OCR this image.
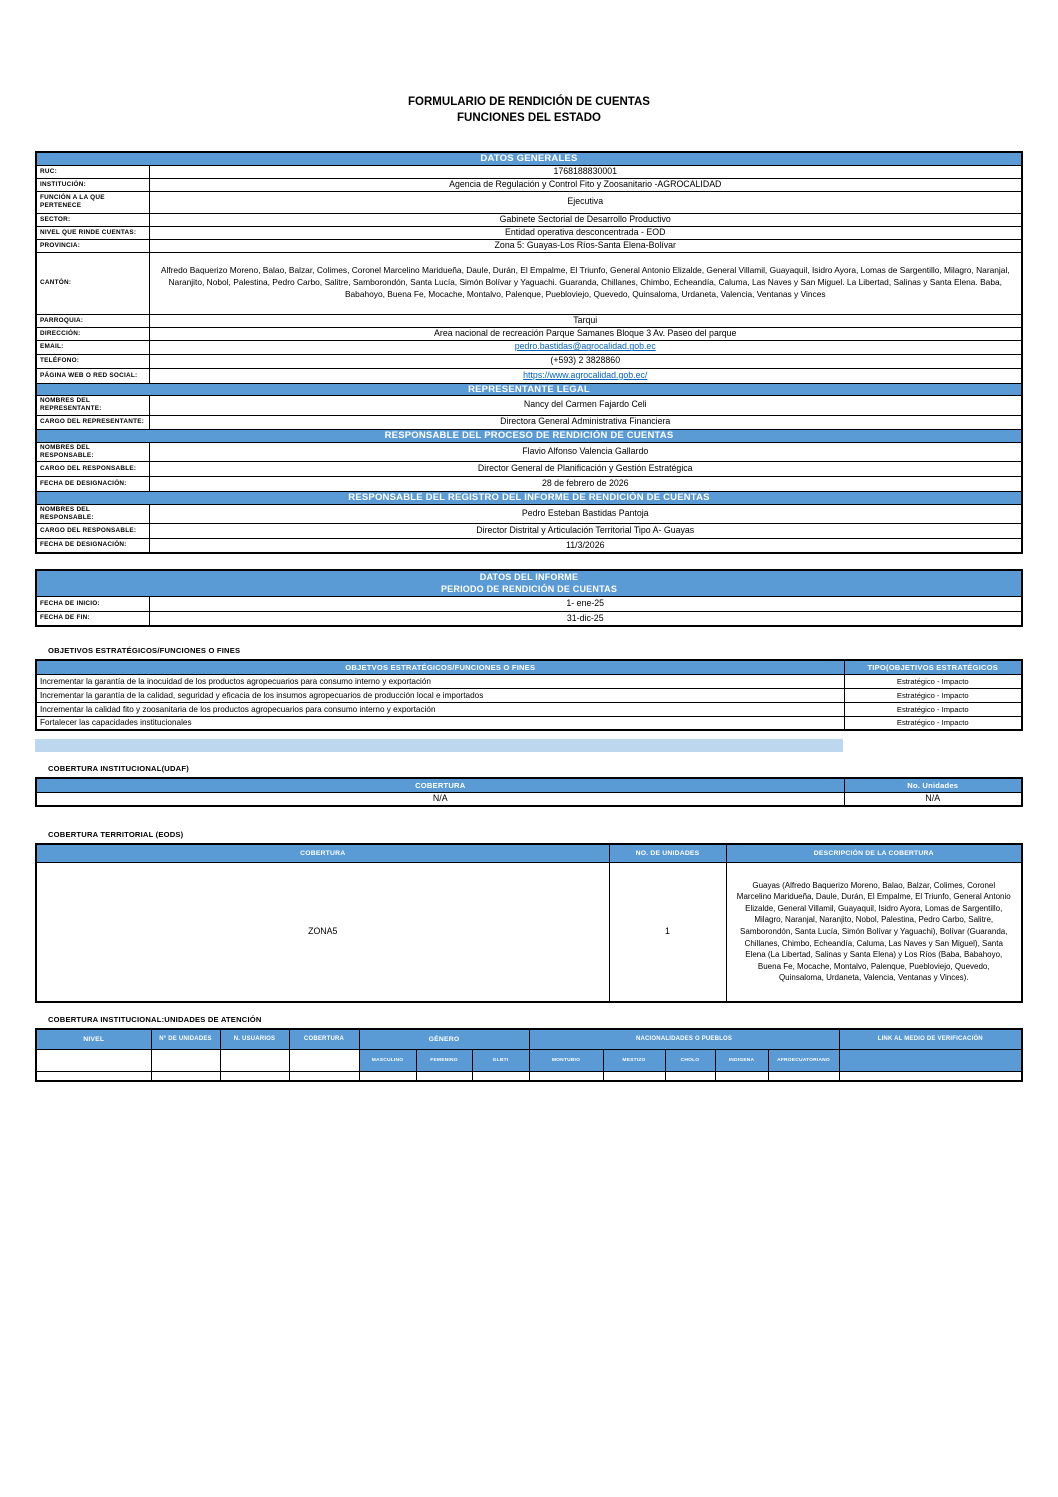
FORMULARIO DE RENDICIÓN DE CUENTAS
FUNCIONES DEL ESTADO
DATOS GENERALES	
RUC:	1768188830001
INSTITUCIÓN:	Agencia de Regulación y Control Fito y Zoosanitario -AGROCALIDAD
FUNCIÓN A LA QUE PERTENECE	Ejecutiva
SECTOR:	Gabinete Sectorial de Desarrollo Productivo
NIVEL QUE RINDE CUENTAS:	Entidad operativa desconcentrada - EOD
PROVINCIA:	Zona 5: Guayas-Los Ríos-Santa Elena-Bolívar
CANTÓN:	Alfredo Baquerizo Moreno, Balao, Balzar, Colimes, Coronel Marcelino Maridueña, Daule, Durán, El Empalme, El Triunfo, General Antonio Elizalde, General Villamil, Guayaquil, Isidro Ayora, Lomas de Sargentillo, Milagro, Naranjal, Naranjito, Nobol, Palestina, Pedro Carbo, Salitre, Samborondón, Santa Lucía, Simón Bolívar y Yaguachi. Guaranda, Chillanes, Chimbo, Echeandía, Caluma, Las Naves y San Miguel. La Libertad, Salinas y Santa Elena. Baba, Babahoyo, Buena Fe, Mocache, Montalvo, Palenque, Puebloviejo, Quevedo, Quinsaloma, Urdaneta, Valencia, Ventanas y Vinces
PARROQUIA:	Tarqui
DIRECCIÓN:	Area nacional de recreación Parque Samanes Bloque 3 Av. Paseo del parque
EMAIL:	pedro.bastidas@agrocalidad.gob.ec
TELÉFONO:	(+593) 2 3828860
PÁGINA WEB O RED SOCIAL:	https://www.agrocalidad.gob.ec/
REPRESENTANTE LEGAL	
NOMBRES DEL REPRESENTANTE:	Nancy del Carmen Fajardo Celi
CARGO DEL REPRESENTANTE:	Directora General Administrativa Financiera
RESPONSABLE DEL PROCESO DE RENDICIÓN DE CUENTAS	
NOMBRES DEL RESPONSABLE:	Flavio Alfonso Valencia Gallardo
CARGO DEL RESPONSABLE:	Director General de Planificación y Gestión Estratégica
FECHA DE DESIGNACIÓN:	28 de febrero de 2026
RESPONSABLE DEL REGISTRO DEL INFORME DE RENDICIÓN DE CUENTAS	
NOMBRES DEL RESPONSABLE:	Pedro Esteban Bastidas Pantoja
CARGO DEL RESPONSABLE:	Director Distrital y Articulación Territorial Tipo A- Guayas
FECHA DE DESIGNACIÓN:	11/3/2026
DATOS DEL INFORME
PERIODO DE RENDICIÓN DE CUENTAS	

FECHA DE INICIO:	1- ene-25
FECHA DE FIN:	31-dic-25
OBJETIVOS ESTRATÉGICOS/FUNCIONES O FINES
OBJETVOS ESTRATÉGICOS/FUNCIONES O FINES	TIPO(OBJETIVOS ESTRATÉGICOS
Incrementar la garantía de la inocuidad de los productos agropecuarios para consumo interno y exportación	Estratégico - Impacto
Incrementar la garantía de la calidad, seguridad y eficacia de los insumos agropecuarios de producción local e importados	Estratégico - Impacto
Incrementar la calidad fito y zoosanitaria de los productos agropecuarios para consumo interno y exportación	Estratégico - Impacto
Fortalecer las capacidades institucionales	Estratégico - Impacto
COBERTURA INSTITUCIONAL(UDAF)
COBERTURA	No. Unidades
N/A	N/A
COBERTURA TERRITORIAL (EODS)
COBERTURA	NO. DE UNIDADES	DESCRIPCIÓN DE LA COBERTURA
ZONA5	1	Guayas (Alfredo Baquerizo Moreno, Balao, Balzar, Colimes, Coronel Marcelino Maridueña, Daule, Durán, El Empalme, El Triunfo, General Antonio Elizalde, General Villamil, Guayaquil, Isidro Ayora, Lomas de Sargentillo, Milagro, Naranjal, Naranjito, Nobol, Palestina, Pedro Carbo, Salitre, Samborondón, Santa Lucía, Simón Bolívar y Yaguachi), Bolívar (Guaranda, Chillanes, Chimbo, Echeandía, Caluma, Las Naves y San Miguel), Santa Elena (La Libertad, Salinas y Santa Elena) y Los Ríos (Baba, Babahoyo, Buena Fe, Mocache, Montalvo, Palenque, Puebloviejo, Quevedo, Quinsaloma, Urdaneta, Valencia, Ventanas y Vinces).
COBERTURA INSTITUCIONAL:UNIDADES DE ATENCIÓN
NIVEL	N° DE UNIDADES	N. USUARIOS	COBERTURA	GÉNERO			NACIONALIDADES O PUEBLOS					LINK AL MEDIO DE VERIFICACIÓN
				MASCULINO	FEMENINO	GLBTI	MONTUBIO	MESTIZO	CHOLO	INDIGENA	AFROECUATORIANO	
